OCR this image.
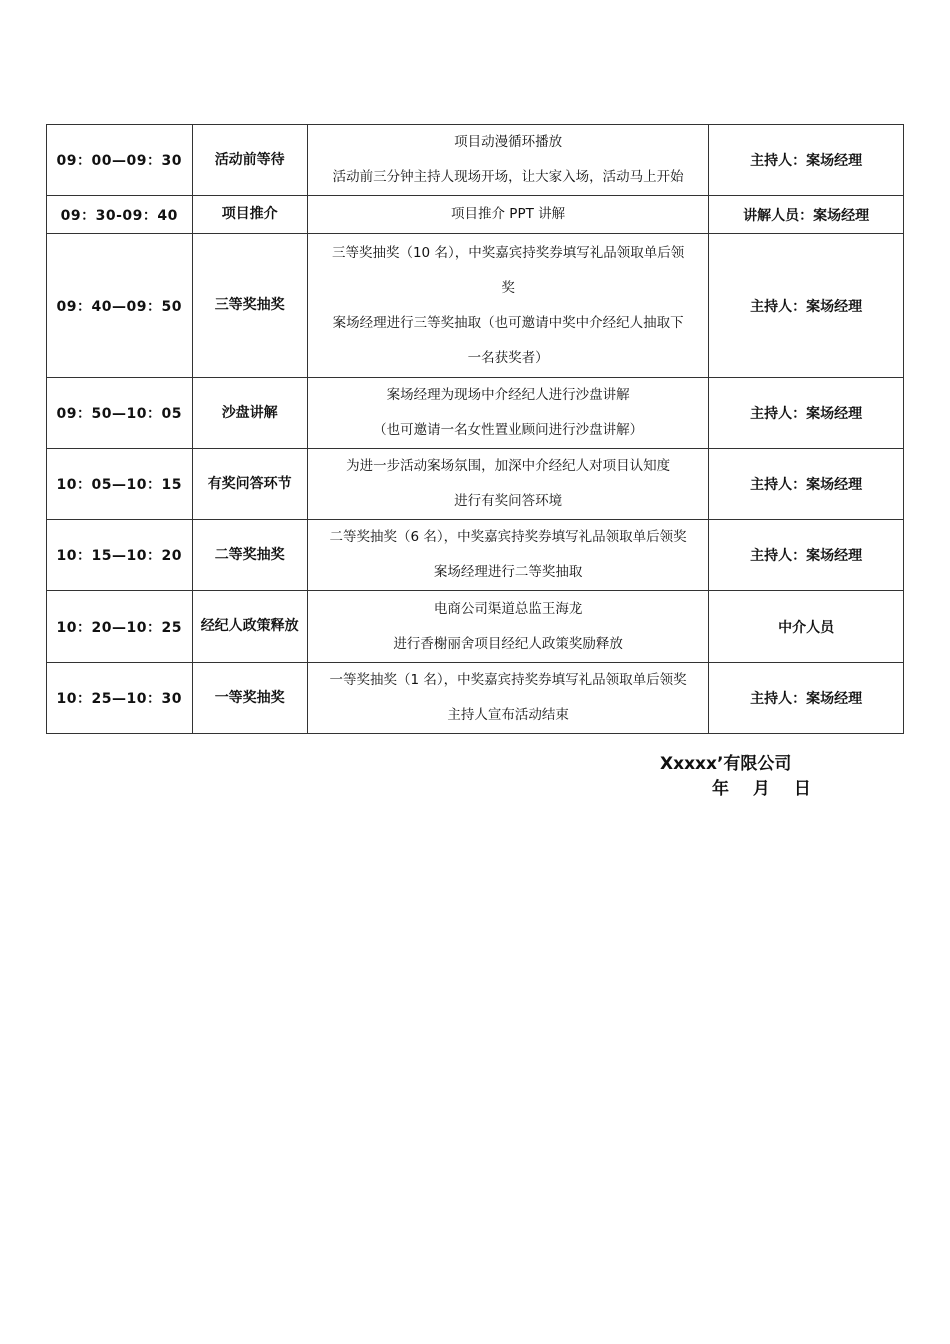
09：00—09：30	活动前等待	项目动漫循环播放
活动前三分钟主持人现场开场，让大家入场，活动马上开始	主持人：案场经理
09：30-09：40	项目推介	项目推介 PPT 讲解	讲解人员：案场经理
09：40—09：50	三等奖抽奖	三等奖抽奖（10 名），中奖嘉宾持奖券填写礼品领取单后领
奖
案场经理进行三等奖抽取（也可邀请中奖中介经纪人抽取下
一名获奖者）	主持人：案场经理
09：50—10：05	沙盘讲解	案场经理为现场中介经纪人进行沙盘讲解
（也可邀请一名女性置业顾问进行沙盘讲解）	主持人：案场经理
10：05—10：15	有奖问答环节	为进一步活动案场氛围，加深中介经纪人对项目认知度
进行有奖问答环境	主持人：案场经理
10：15—10：20	二等奖抽奖	二等奖抽奖（6 名），中奖嘉宾持奖券填写礼品领取单后领奖
案场经理进行二等奖抽取	主持人：案场经理
10：20—10：25	经纪人政策释放	电商公司渠道总监王海龙
进行香榭丽舍项目经纪人政策奖励释放	中介人员
10：25—10：30	一等奖抽奖	一等奖抽奖（1 名），中奖嘉宾持奖券填写礼品领取单后领奖
主持人宣布活动结束	主持人：案场经理
Xxxxx’有限公司
年 月 日
